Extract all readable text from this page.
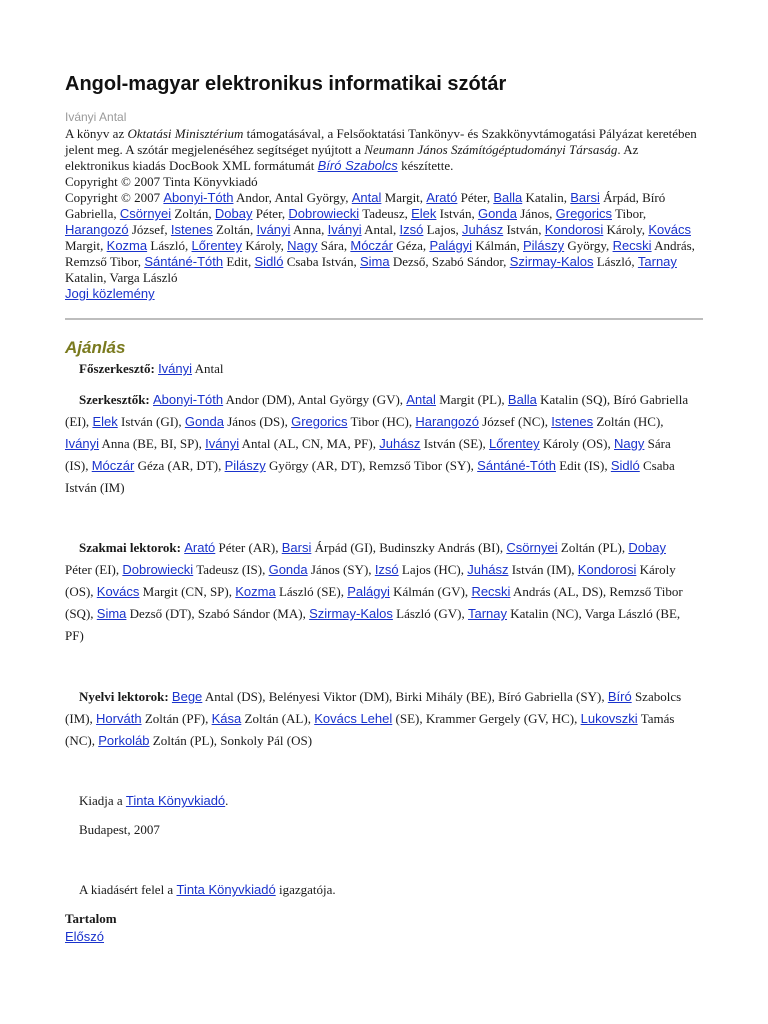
Angol-magyar elektronikus informatikai szótár
Iványi Antal

A könyv az Oktatási Minisztérium támogatásával, a Felsőoktatási Tankönyv- és Szakkönyvtámogatási Pályázat keretében jelent meg. A szótár megjelenéséhez segítséget nyújtott a Neumann János Számítógéptudományi Társaság. Az elektronikus kiadás DocBook XML formátumát Bíró Szabolcs készítette.

Copyright © 2007 Tinta Könyvkiadó

Copyright © 2007 Abonyi-Tóth Andor, Antal György, Antal Margit, Arató Péter, Balla Katalin, Barsi Árpád, Bíró Gabriella, Csörnyei Zoltán, Dobay Péter, Dobrowiecki Tadeusz, Elek István, Gonda János, Gregorics Tibor, Harangozó József, Istenes Zoltán, Iványi Anna, Iványi Antal, Izsó Lajos, Juhász István, Kondorosi Károly, Kovács Margit, Kozma László, Lőrentey Károly, Nagy Sára, Móczár Géza, Palágyi Kálmán, Pilászy György, Recski András, Remzső Tibor, Sántáné-Tóth Edit, Sidló Csaba István, Sima Dezső, Szabó Sándor, Szirmay-Kalos László, Tarnay Katalin, Varga László

Jogi közlemény

Ajánlás

Főszerkesztő: Iványi Antal

Szerkesztők: Abonyi-Tóth Andor (DM), Antal György (GV), Antal Margit (PL), Balla Katalin (SQ), Bíró Gabriella (EI), Elek István (GI), Gonda János (DS), Gregorics Tibor (HC), Harangozó József (NC), Istenes Zoltán (HC), Iványi Anna (BE, BI, SP), Iványi Antal (AL, CN, MA, PF), Juhász István (SE), Lőrentey Károly (OS), Nagy Sára (IS), Móczár Géza (AR, DT), Pilászy György (AR, DT), Remzső Tibor (SY), Sántáné-Tóth Edit (IS), Sidló Csaba István (IM)

Szakmai lektorok: Arató Péter (AR), Barsi Árpád (GI), Budinszky András (BI), Csörnyei Zoltán (PL), Dobay Péter (EI), Dobrowiecki Tadeusz (IS), Gonda János (SY), Izsó Lajos (HC), Juhász István (IM), Kondorosi Károly (OS), Kovács Margit (CN, SP), Kozma László (SE), Palágyi Kálmán (GV), Recski András (AL, DS), Remzső Tibor (SQ), Sima Dezső (DT), Szabó Sándor (MA), Szirmay-Kalos László (GV), Tarnay Katalin (NC), Varga László (BE, PF)

Nyelvi lektorok: Bege Antal (DS), Belényesi Viktor (DM), Birki Mihály (BE), Bíró Gabriella (SY), Bíró Szabolcs (IM), Horváth Zoltán (PF), Kása Zoltán (AL), Kovács Lehel (SE), Krammer Gergely (GV, HC), Lukovszki Tamás (NC), Porkoláb Zoltán (PL), Sonkoly Pál (OS)

Kiadja a Tinta Könyvkiadó.
Budapest, 2007
A kiadásért felel a Tinta Könyvkiadó igazgatója.
Tartalom
Előszó
